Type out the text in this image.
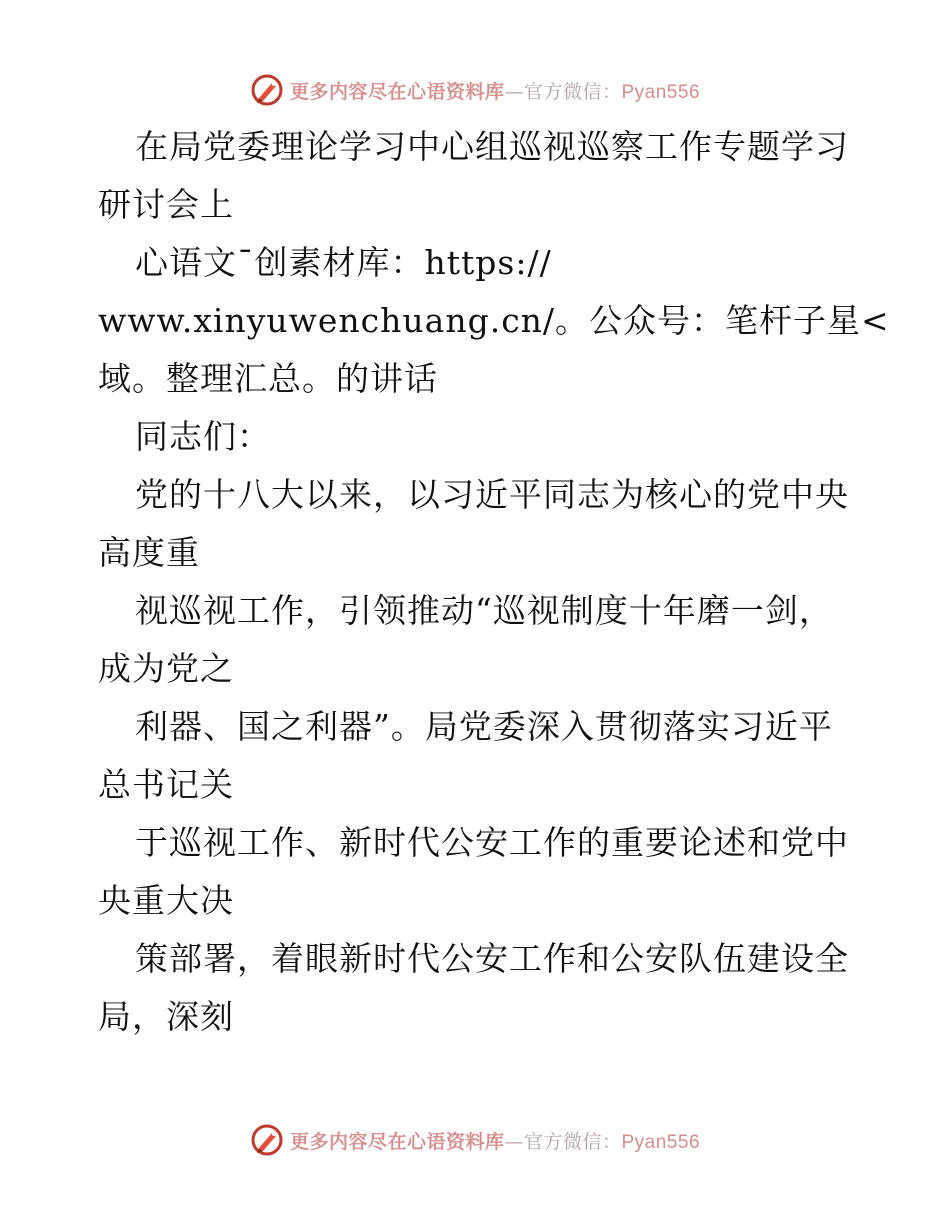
更多内容尽在心语资料库—官方微信：Pyan556
在局党委理论学习中心组巡视巡察工作专题学习
研讨会上
心语文¯创素材库：https://
www.xinyuwenchuang.cn/。公众号：笔杆子星<
域。整理汇总。的讲话
同志们：
党的十八大以来，以习近平同志为核心的党中央
高度重
视巡视工作，引领推动“巡视制度十年磨一剑，
成为党之
利器、国之利器”。局党委深入贯彻落实习近平
总书记关
于巡视工作、新时代公安工作的重要论述和党中
央重大决
策部署，着眼新时代公安工作和公安队伍建设全
局，深刻
更多内容尽在心语资料库—官方微信：Pyan556
